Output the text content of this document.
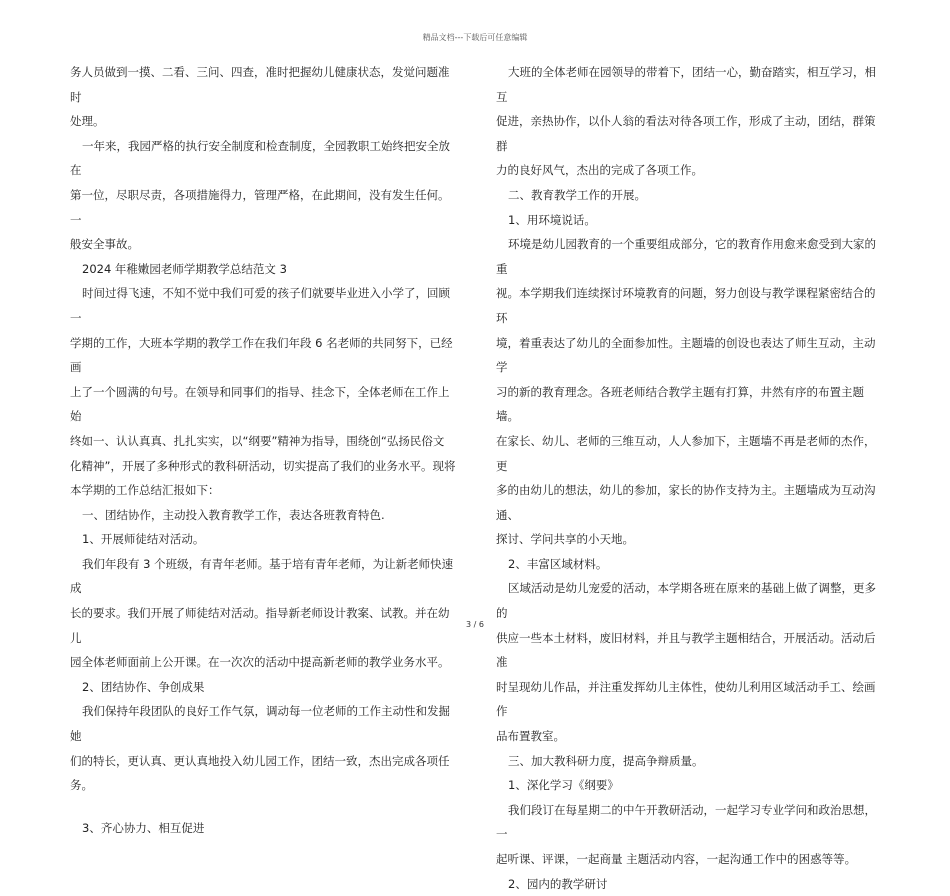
精品文档---下载后可任意编辑

务人员做到一摸、二看、三问、四查，准时把握幼儿健康状态，发觉问题准时

处理。

一年来，我园严格的执行安全制度和检查制度，全园教职工始终把安全放在

第一位，尽职尽责，各项措施得力，管理严格，在此期间，没有发生任何。一

般安全事故。

2024 年稚嫩园老师学期教学总结范文 3

时间过得飞速，不知不觉中我们可爱的孩子们就要毕业进入小学了，回顾一

学期的工作，大班本学期的教学工作在我们年段 6 名老师的共同努下，已经画

上了一个圆满的句号。在领导和同事们的指导、挂念下，全体老师在工作上始

终如一、认认真真、扎扎实实，以“纲要”精神为指导，围绕创“弘扬民俗文

化精神”，开展了多种形式的教科研活动，切实提高了我们的业务水平。现将

本学期的工作总结汇报如下：

一、团结协作，主动投入教育教学工作，表达各班教育特色.

1、开展师徒结对活动。

我们年段有 3 个班级，有青年老师。基于培有青年老师，为让新老师快速成

长的要求。我们开展了师徒结对活动。指导新老师设计教案、试教。并在幼儿

园全体老师面前上公开课。在一次次的活动中提高新老师的教学业务水平。

2、团结协作、争创成果

我们保持年段团队的良好工作气氛，调动每一位老师的工作主动性和发掘她

们的特长，更认真、更认真地投入幼儿园工作，团结一致，杰出完成各项任务。

3、齐心协力、相互促进

大班的全体老师在园领导的带着下，团结一心，勤奋踏实，相互学习，相互

促进，亲热协作，以仆人翁的看法对待各项工作，形成了主动，团结，群策群

力的良好风气，杰出的完成了各项工作。

二、教育教学工作的开展。

1、用环境说话。

环境是幼儿园教育的一个重要组成部分，它的教育作用愈来愈受到大家的重

视。本学期我们连续探讨环境教育的问题，努力创设与教学课程紧密结合的环

境，着重表达了幼儿的全面参加性。主题墙的创设也表达了师生互动，主动学

习的新的教育理念。各班老师结合教学主题有打算，井然有序的布置主题墙。

在家长、幼儿、老师的三维互动，人人参加下，主题墙不再是老师的杰作，更

多的由幼儿的想法，幼儿的参加，家长的协作支持为主。主题墙成为互动沟通、

探讨、学问共享的小天地。

2、丰富区域材料。

区域活动是幼儿宠爱的活动，本学期各班在原来的基础上做了调整，更多的

供应一些本土材料，废旧材料，并且与教学主题相结合，开展活动。活动后准

时呈现幼儿作品，并注重发挥幼儿主体性，使幼儿利用区域活动手工、绘画作

品布置教室。

三、加大教科研力度，提高争辩质量。

1、深化学习《纲要》

我们段订在每星期二的中午开教研活动，一起学习专业学问和政治思想，一

起听课、评课，一起商量 主题活动内容，一起沟通工作中的困惑等等。

2、园内的教学研讨

3 / 6
